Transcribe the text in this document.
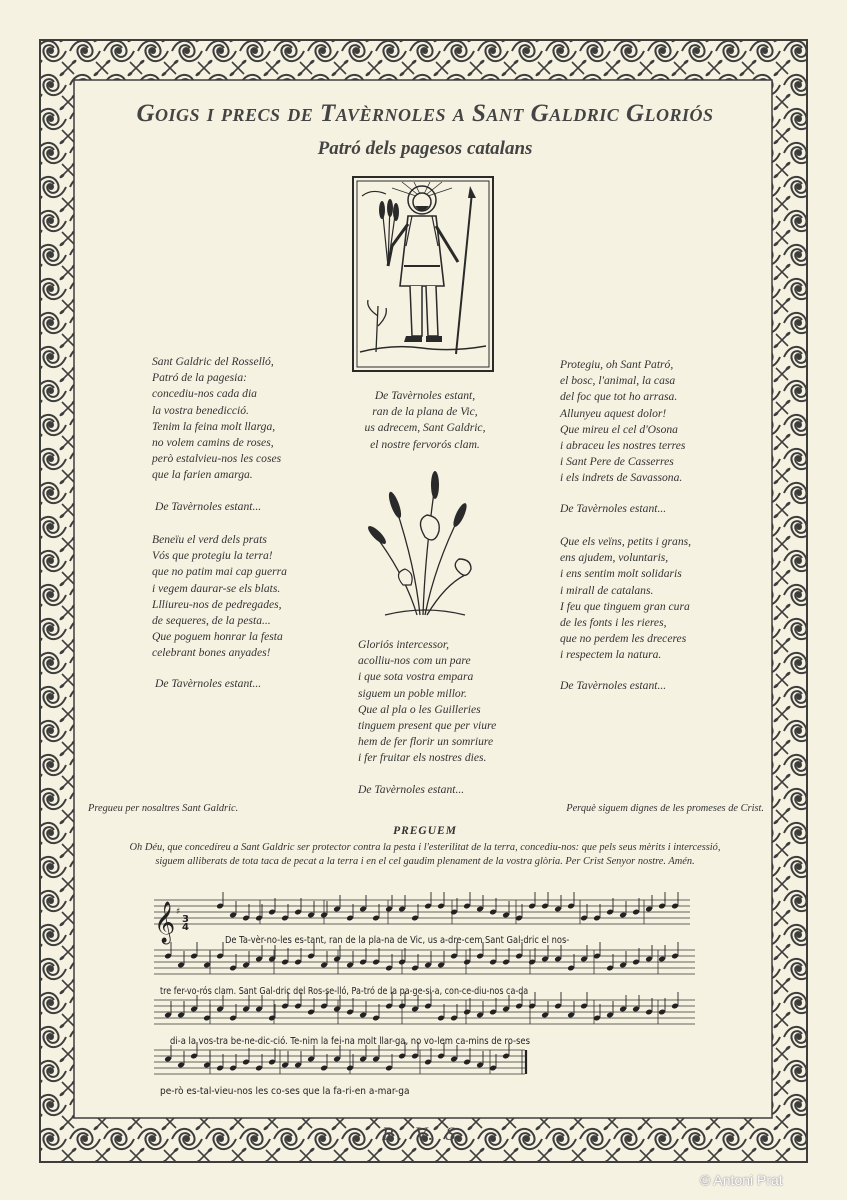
Goigs i precs de Tavèrnoles a Sant Galdric Gloriós
Patró dels pagesos catalans
Sant Galdric del Rosselló,
Patró de la pagesia:
concediu-nos cada dia
la vostra benedicció.
Tenim la feina molt llarga,
no volem camins de roses,
però estalvieu-nos les coses
que la farien amarga.
De Tavèrnoles estant...
Beneïu el verd dels prats
Vós que protegiu la terra!
que no patim mai cap guerra
i vegem daurar-se els blats.
Llliureu-nos de pedregades,
de sequeres, de la pesta...
Que poguem honrar la festa
celebrant bones anyades!
De Tavèrnoles estant...
De Tavèrnoles estant,
ran de la plana de Vic,
us adrecem, Sant Galdric,
el nostre fervorós clam.
Gloriós intercessor,
acolliu-nos com un pare
i que sota vostra empara
siguem un poble millor.
Que al pla o les Guilleries
tinguem present que per viure
hem de fer florir un somriure
i fer fruitar els nostres dies.
De Tavèrnoles estant...
Protegiu, oh Sant Patró,
el bosc, l'animal, la casa
del foc que tot ho arrasa.
Allunyeu aquest dolor!
Que mireu el cel d'Osona
i abraceu les nostres terres
i Sant Pere de Casserres
i els indrets de Savassona.
De Tavèrnoles estant...
Que els veïns, petits i grans,
ens ajudem, voluntaris,
i ens sentim molt solidaris
i mirall de catalans.
I feu que tinguem gran cura
de les fonts i les rieres,
que no perdem les dreceres
i respectem la natura.
De Tavèrnoles estant...
Pregueu per nosaltres Sant Galdric.	Perquè siguem dignes de les promeses de Crist.
PREGUEM
Oh Déu, que concedíreu a Sant Galdric ser protector contra la pesta i l'esterilitat de la terra, concediu-nos: que pels seus mèrits i intercessió, siguem alliberats de tota taca de pecat a la terra i en el cel gaudim plenament de la vostra glòria. Per Crist Senyor nostre. Amén.
𝄞 ♯
3
4
De Ta-vèr-no-les es-tant, ran de la pla-na de Vic, us a-dre-cem Sant Gal-dric el nos-
tre fer-vo-rós clam. Sant Gal-dric del Ros-se-lló, Pa-tró de la pa-ge-si-a, con-ce-diu-nos ca-da
di-a la vos-tra be-ne-dic-ció. Te-nim la fei-na molt llar-ga, no vo-lem ca-mins de ro-ses
pe-rò es-tal-vieu-nos les co-ses que la fa-ri-en a-mar-ga
R. V. S.
© Antoni Prat
